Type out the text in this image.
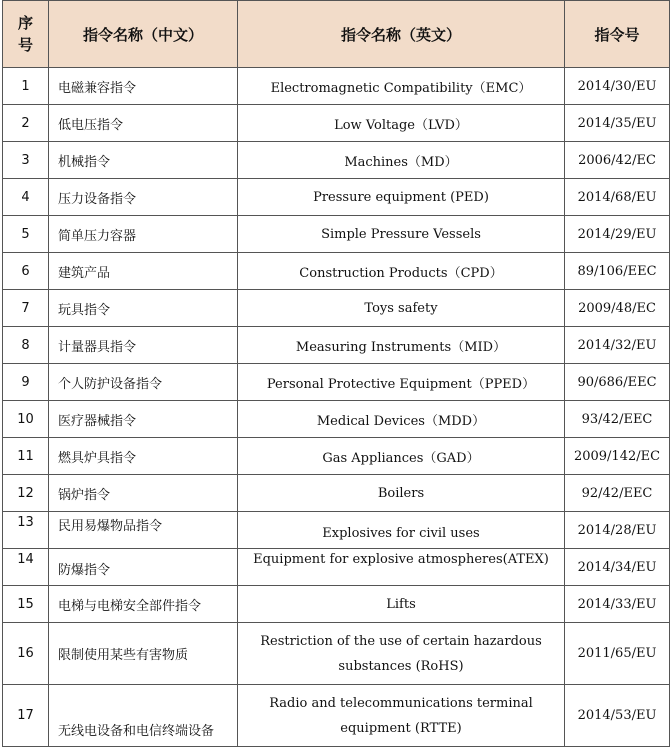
序号	指令名称（中文）	指令名称（英文）	指令号
1	电磁兼容指令	Electromagnetic Compatibility（EMC）	2014/30/EU
2	低电压指令	Low Voltage（LVD）	2014/35/EU
3	机械指令	Machines（MD）	2006/42/EC
4	压力设备指令	Pressure equipment (PED)	2014/68/EU
5	简单压力容器	Simple Pressure Vessels	2014/29/EU
6	建筑产品	Construction Products（CPD）	89/106/EEC
7	玩具指令	Toys safety	2009/48/EC
8	计量器具指令	Measuring Instruments（MID）	2014/32/EU
9	个人防护设备指令	Personal Protective Equipment（PPED）	90/686/EEC
10	医疗器械指令	Medical Devices（MDD）	93/42/EEC
11	燃具炉具指令	Gas Appliances（GAD）	2009/142/EC
12	锅炉指令	Boilers	92/42/EEC
13	民用易爆物品指令	Explosives for civil uses	2014/28/EU
14	防爆指令	Equipment for explosive atmospheres(ATEX)	2014/34/EU
15	电梯与电梯安全部件指令	Lifts	2014/33/EU
16	限制使用某些有害物质	Restriction of the use of certain hazardous substances (RoHS)	2011/65/EU
17	无线电设备和电信终端设备	Radio and telecommunications terminal equipment (RTTE)	2014/53/EU
